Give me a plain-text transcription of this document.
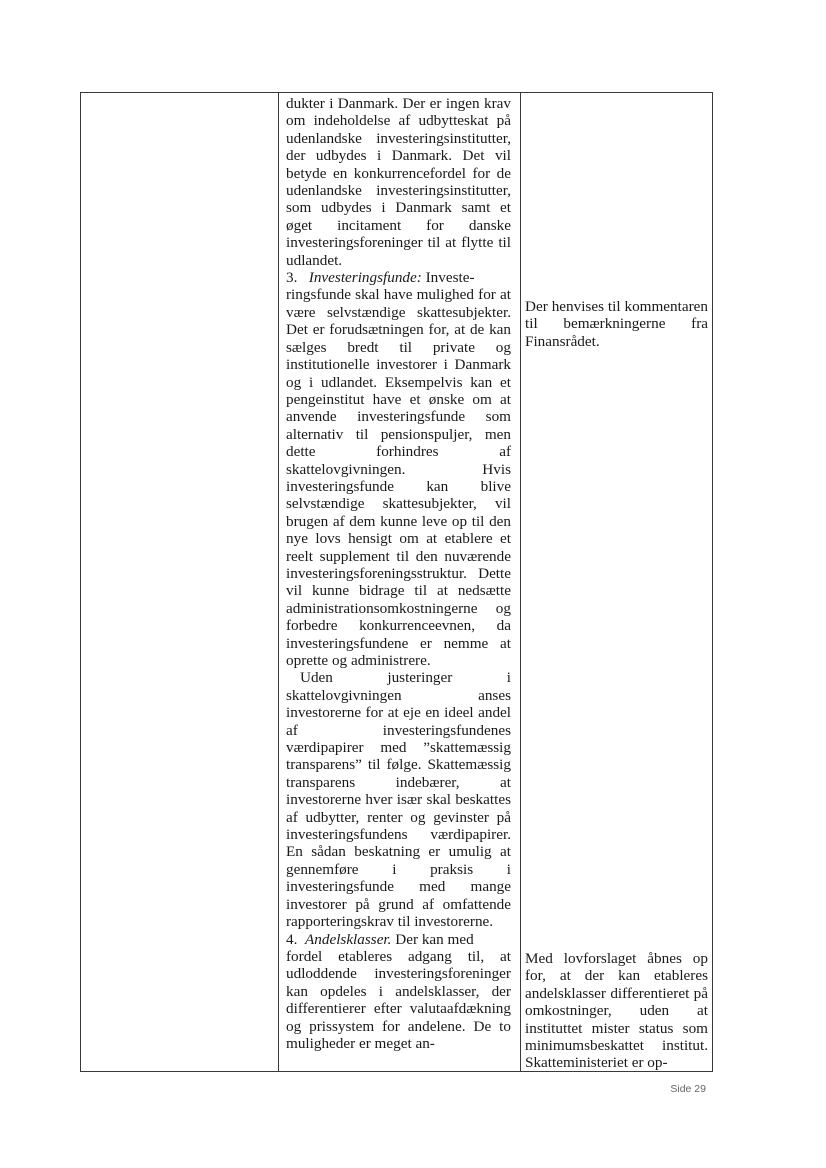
dukter i Danmark. Der er ingen krav om indeholdelse af udbytteskat på udenlandske investeringsinstitutter, der udbydes i Danmark. Det vil betyde en konkurrencefordel for de udenlandske investeringsinstitutter, som udbydes i Danmark samt et øget incitament for danske investeringsforeninger til at flytte til udlandet.

3. Investeringsfunde: Investe-

ringsfunde skal have mulighed for at være selvstændige skattesubjekter. Det er forudsætningen for, at de kan sælges bredt til private og institutionelle investorer i Danmark og i udlandet. Eksempelvis kan et pengeinstitut have et ønske om at anvende investeringsfunde som alternativ til pensionspuljer, men dette forhindres af skattelovgivningen. Hvis investeringsfunde kan blive selvstændige skattesubjekter, vil brugen af dem kunne leve op til den nye lovs hensigt om at etablere et reelt supplement til den nuværende investeringsforeningsstruktur. Dette vil kunne bidrage til at nedsætte administrationsomkostningerne og forbedre konkurrenceevnen, da investeringsfundene er nemme at oprette og administrere.

Uden justeringer i skattelovgivningen anses investorerne for at eje en ideel andel af investeringsfundenes værdipapirer med ”skattemæssig transparens” til følge. Skattemæssig transparens indebærer, at investorerne hver især skal beskattes af udbytter, renter og gevinster på investeringsfundens værdipapirer. En sådan beskatning er umulig at gennemføre i praksis i investeringsfunde med mange investorer på grund af omfattende rapporteringskrav til investorerne.

4. Andelsklasser. Der kan med

fordel etableres adgang til, at udloddende investeringsforeninger kan opdeles i andelsklasser, der differentierer efter valutaafdækning og prissystem for andelene. De to muligheder er meget an-

Der henvises til kommentaren til bemærkningerne fra Finansrådet.

Med lovforslaget åbnes op for, at der kan etableres andelsklasser differentieret på omkostninger, uden at instituttet mister status som minimumsbeskattet institut. Skatteministeriet er op-

Side 29
